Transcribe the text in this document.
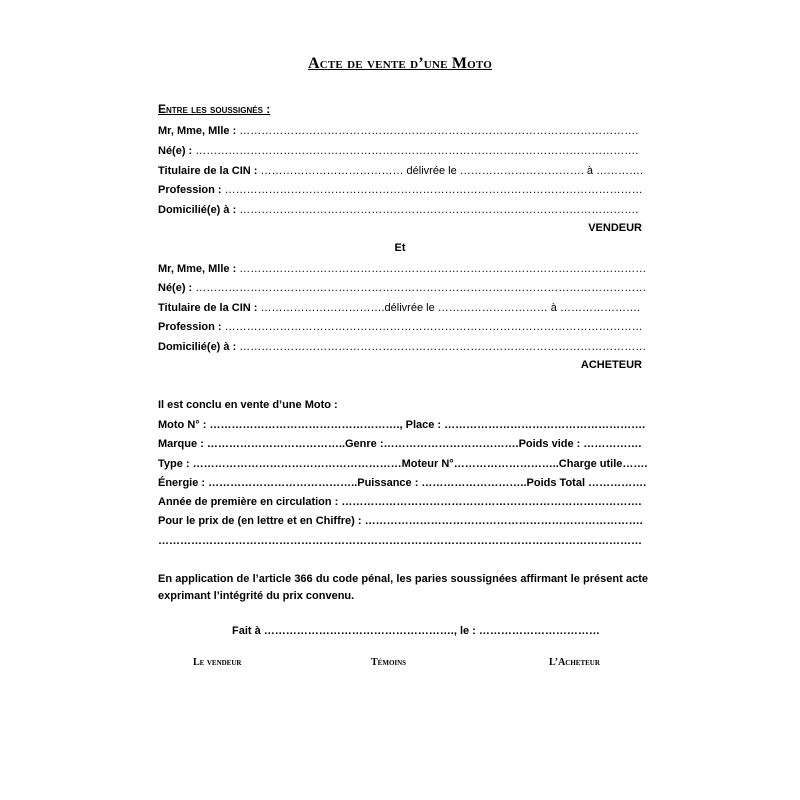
Acte de vente d’une Moto
Entre les soussignés :
Mr, Mme, Mlle : ……………………………………………………………………………………………….
Né(e) : ………………………………………………………………………………………………………….
Titulaire de la CIN : ………………………………… délivrée le ……………………………. à ………….
Profession : ……………………………………………………………………………………………………
Domicilié(e) à : ……………………………………………………………………………………………….
VENDEUR
Et
Mr, Mme, Mlle : …………………………………………………………………………………………………
Né(e) : ……………………………………………………………………………………………………………
Titulaire de la CIN : …………………………….délivrée le ………………………… à ………………….
Profession : ……………………………………………………………………………………………………
Domicilié(e) à : …………………………………………………………………………………………………
ACHETEUR
Il est conclu en vente d’une Moto :
Moto N° : ……………………………………………., Place : ……………………………………………….
Marque : ………………………………..Genre :……………………………….Poids vide : …………….
Type : …………………………………………………Moteur N°………………………..Charge utile…….
Énergie : …………………………………..Puissance : ………………………..Poids Total …………….
Année de première en circulation : ……………………………………………………………………….
Pour le prix de (en lettre et en Chiffre) : ………………………………………………………………….
……………………………………………………………………………………………………………………
En application de l’article 366 du code pénal, les paries soussignées affirmant le présent acte exprimant l’intégrité du prix convenu.
Fait à ……………………………………………., le : ……………………………
Le vendeur	Témoins	L’Acheteur
